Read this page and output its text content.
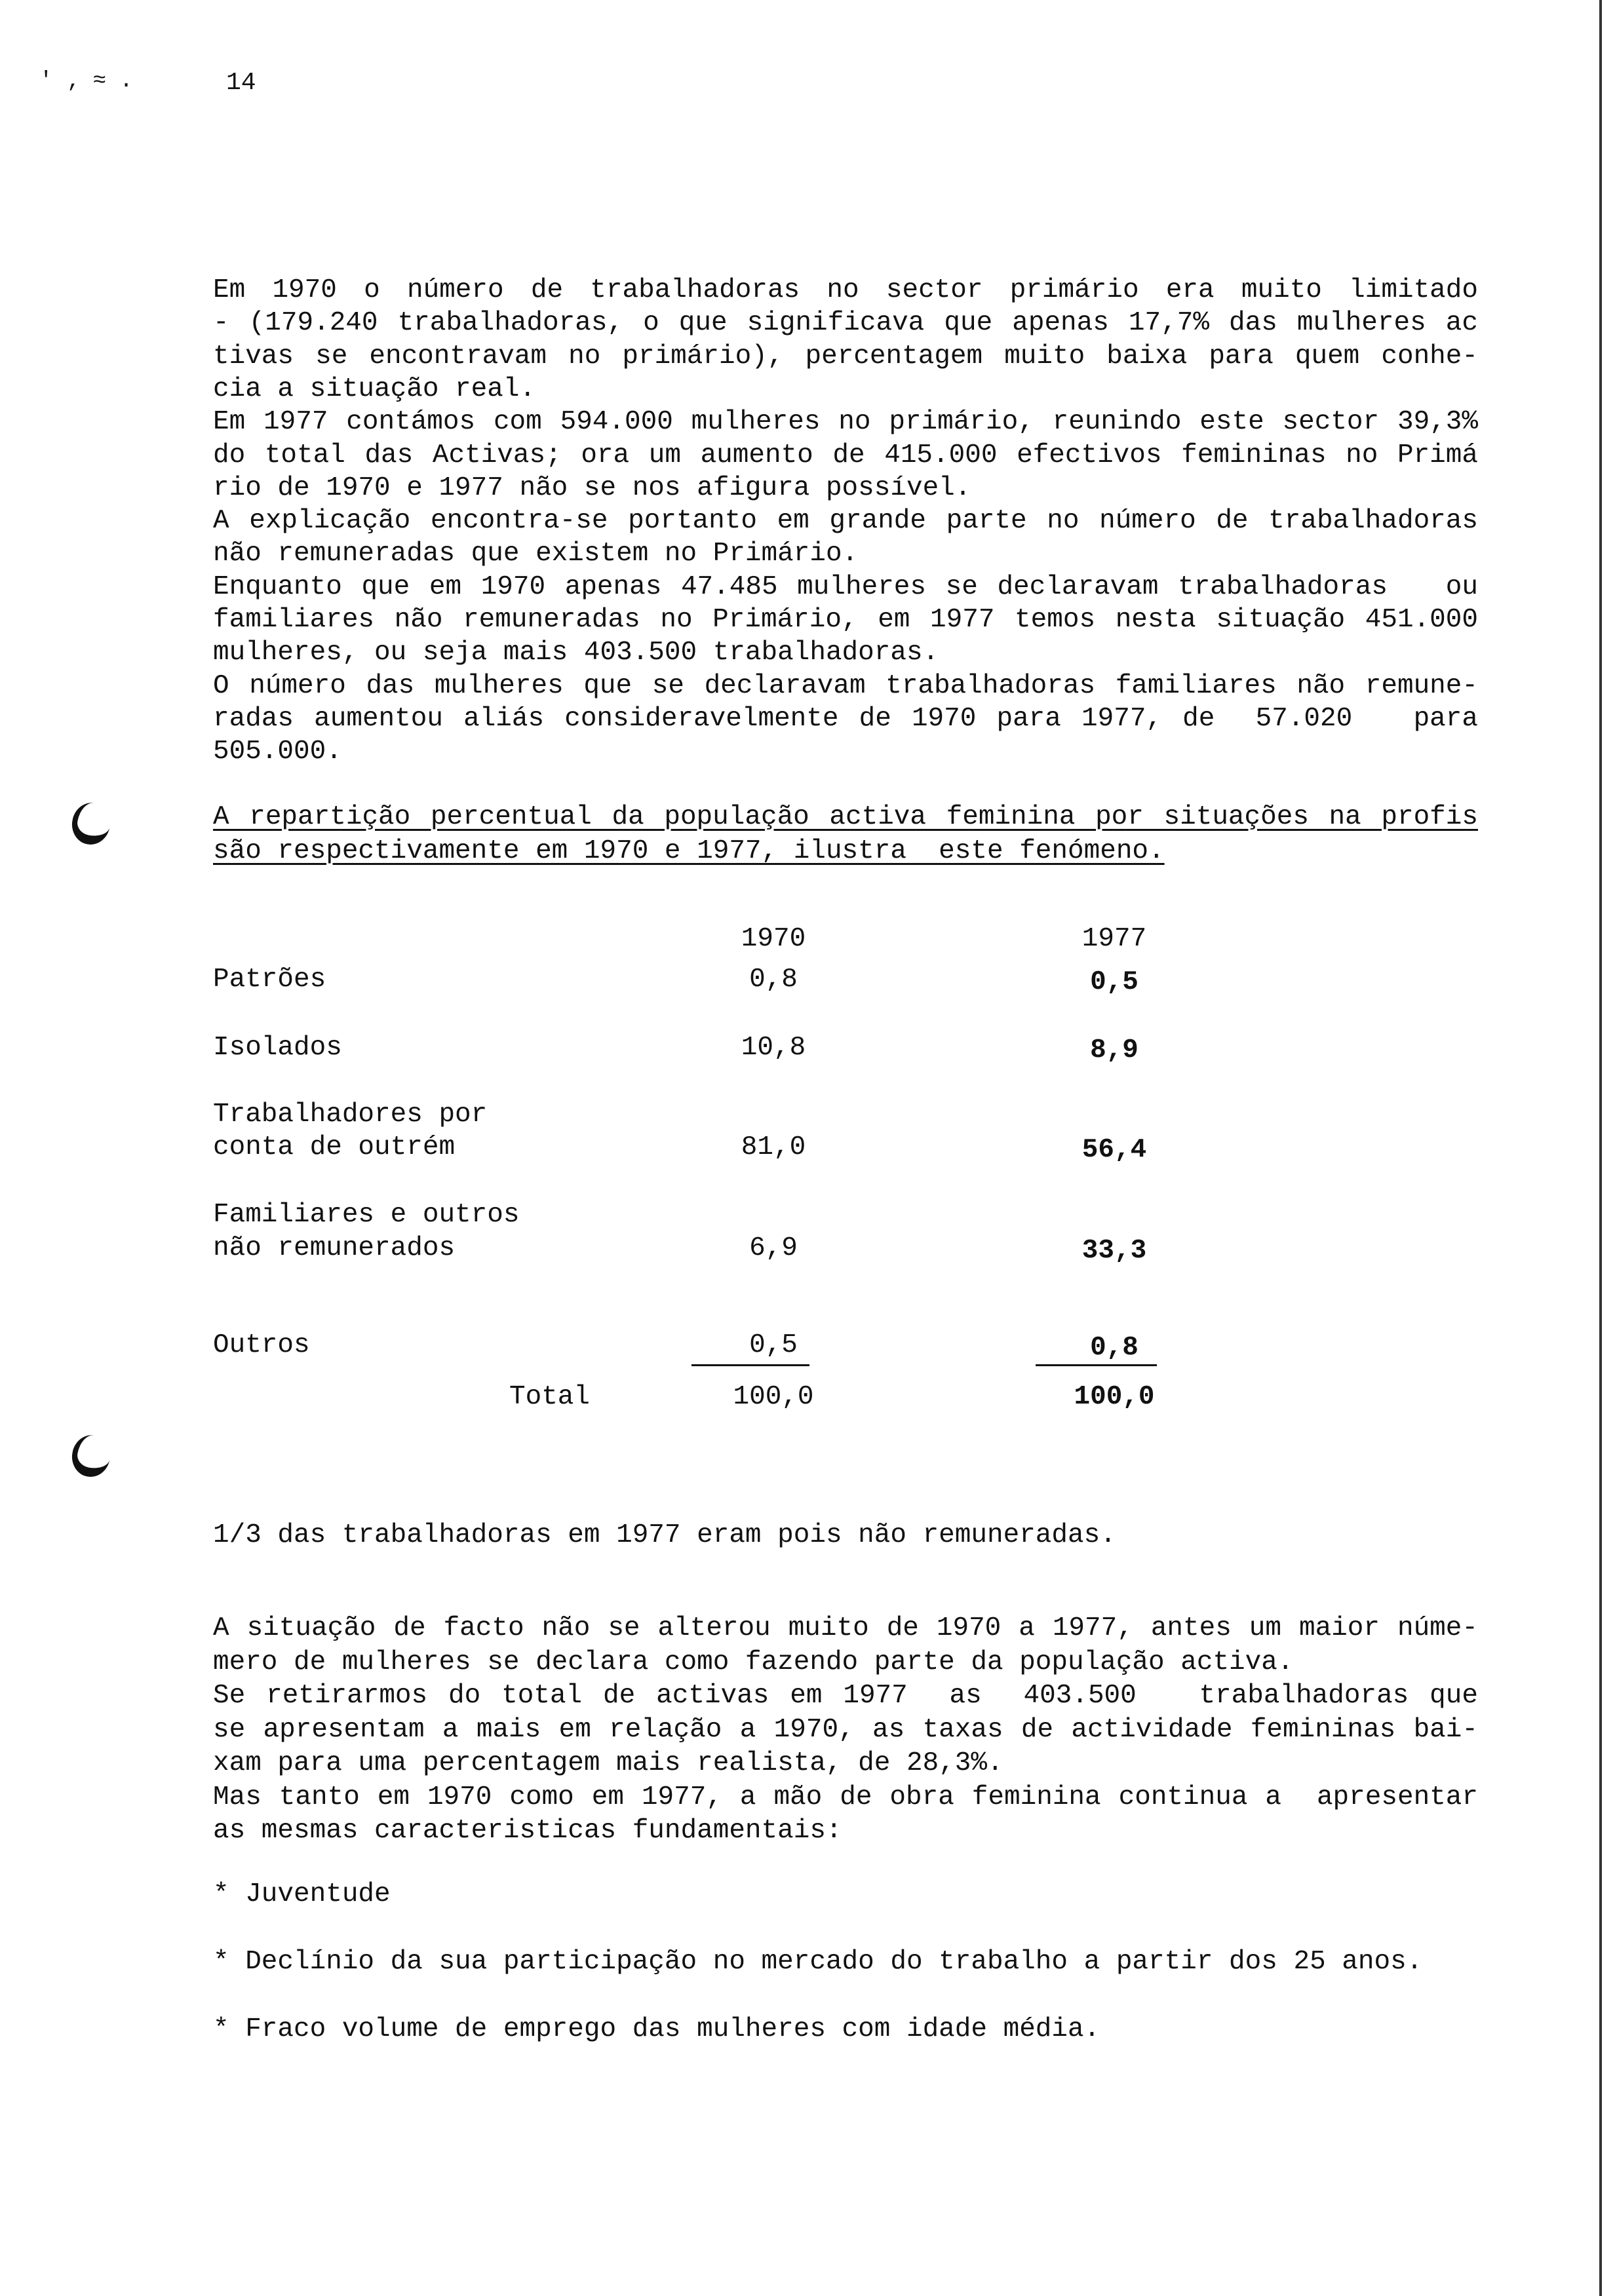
' ‚ ≈ .	14
Em 1970 o número de trabalhadoras no sector primário era muito limitado
- (179.240 trabalhadoras, o que significava que apenas 17,7% das mulheres ac
tivas se encontravam no primário), percentagem muito baixa para quem conhe-
cia a situação real.
Em 1977 contámos com 594.000 mulheres no primário, reunindo este sector 39,3%
do total das Activas; ora um aumento de 415.000 efectivos femininas no Primá
rio de 1970 e 1977 não se nos afigura possível.
A explicação encontra-se portanto em grande parte no número de trabalhadoras
não remuneradas que existem no Primário.
Enquanto que em 1970 apenas 47.485 mulheres se declaravam trabalhadoras   ou
familiares não remuneradas no Primário, em 1977 temos nesta situação 451.000
mulheres, ou seja mais 403.500 trabalhadoras.
O número das mulheres que se declaravam trabalhadoras familiares não remune-
radas aumentou aliás consideravelmente de 1970 para 1977, de  57.020   para
505.000.
A repartição percentual da população activa feminina por situações na profis
são respectivamente em 1970 e 1977, ilustra  este fenómeno.
1970	1977
Patrões	0,8	0,5
Isolados	10,8	8,9
Trabalhadores por
conta de outrém	81,0	56,4
Familiares e outros
não remunerados	6,9	33,3
Outros	0,5	0,8
Total	100,0	100,0
1/3 das trabalhadoras em 1977 eram pois não remuneradas.
A situação de facto não se alterou muito de 1970 a 1977, antes um maior núme-
mero de mulheres se declara como fazendo parte da população activa.
Se retirarmos do total de activas em 1977  as  403.500   trabalhadoras que
se apresentam a mais em relação a 1970, as taxas de actividade femininas bai-
xam para uma percentagem mais realista, de 28,3%.
Mas tanto em 1970 como em 1977, a mão de obra feminina continua a  apresentar
as mesmas caracteristicas fundamentais:
* Juventude
* Declínio da sua participação no mercado do trabalho a partir dos 25 anos.
* Fraco volume de emprego das mulheres com idade média.
